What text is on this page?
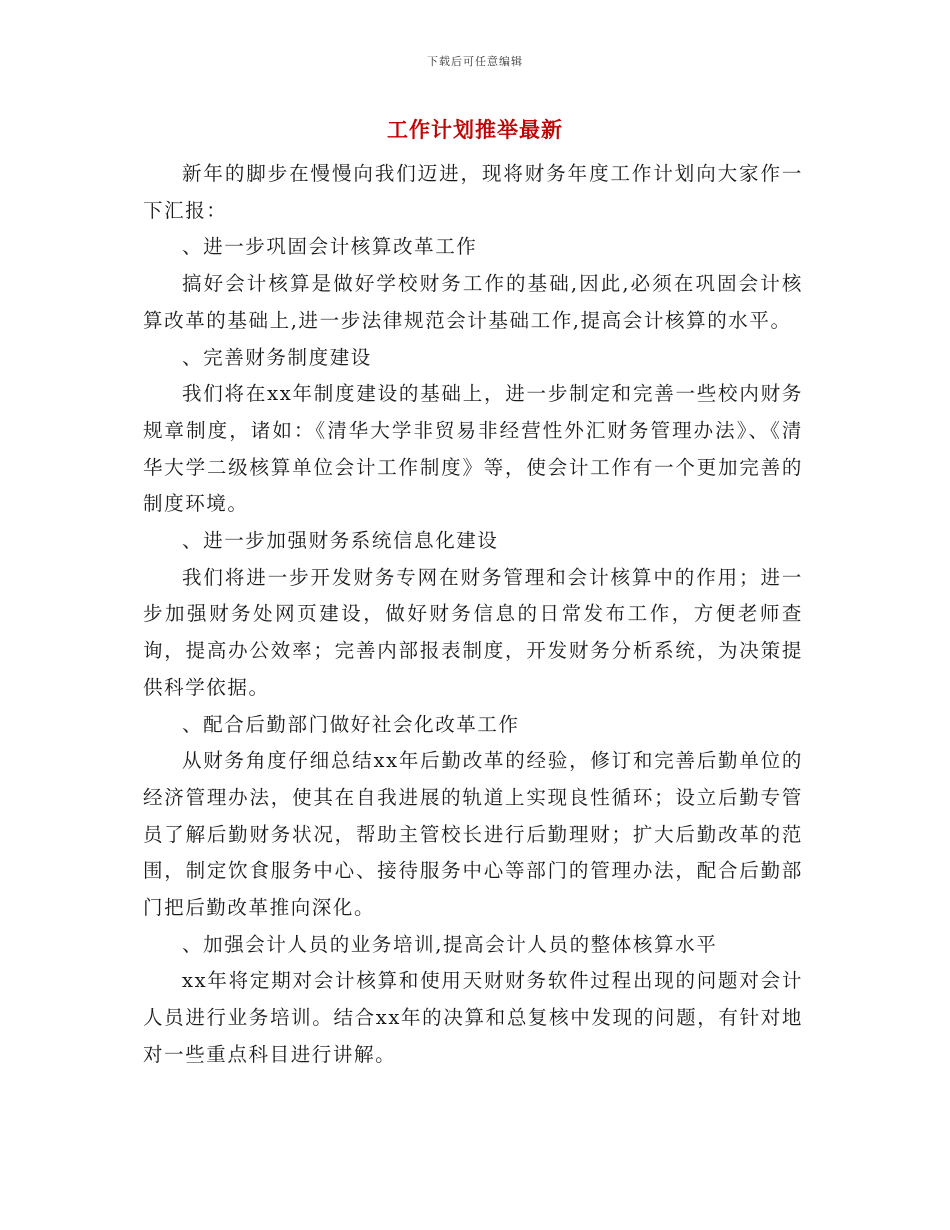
下载后可任意编辑
工作计划推举最新

新年的脚步在慢慢向我们迈进，现将财务年度工作计划向大家作一下汇报：

、进一步巩固会计核算改革工作

搞好会计核算是做好学校财务工作的基础,因此,必须在巩固会计核算改革的基础上,进一步法律规范会计基础工作,提高会计核算的水平。

、完善财务制度建设

我们将在xx年制度建设的基础上，进一步制定和完善一些校内财务规章制度，诸如：《清华大学非贸易非经营性外汇财务管理办法》、《清华大学二级核算单位会计工作制度》等，使会计工作有一个更加完善的制度环境。

、进一步加强财务系统信息化建设

我们将进一步开发财务专网在财务管理和会计核算中的作用；进一步加强财务处网页建设，做好财务信息的日常发布工作，方便老师查询，提高办公效率；完善内部报表制度，开发财务分析系统，为决策提供科学依据。

、配合后勤部门做好社会化改革工作

从财务角度仔细总结xx年后勤改革的经验，修订和完善后勤单位的经济管理办法，使其在自我进展的轨道上实现良性循环；设立后勤专管员了解后勤财务状况，帮助主管校长进行后勤理财；扩大后勤改革的范围，制定饮食服务中心、接待服务中心等部门的管理办法，配合后勤部门把后勤改革推向深化。

、加强会计人员的业务培训,提高会计人员的整体核算水平

xx年将定期对会计核算和使用天财财务软件过程出现的问题对会计人员进行业务培训。结合xx年的决算和总复核中发现的问题，有针对地对一些重点科目进行讲解。
